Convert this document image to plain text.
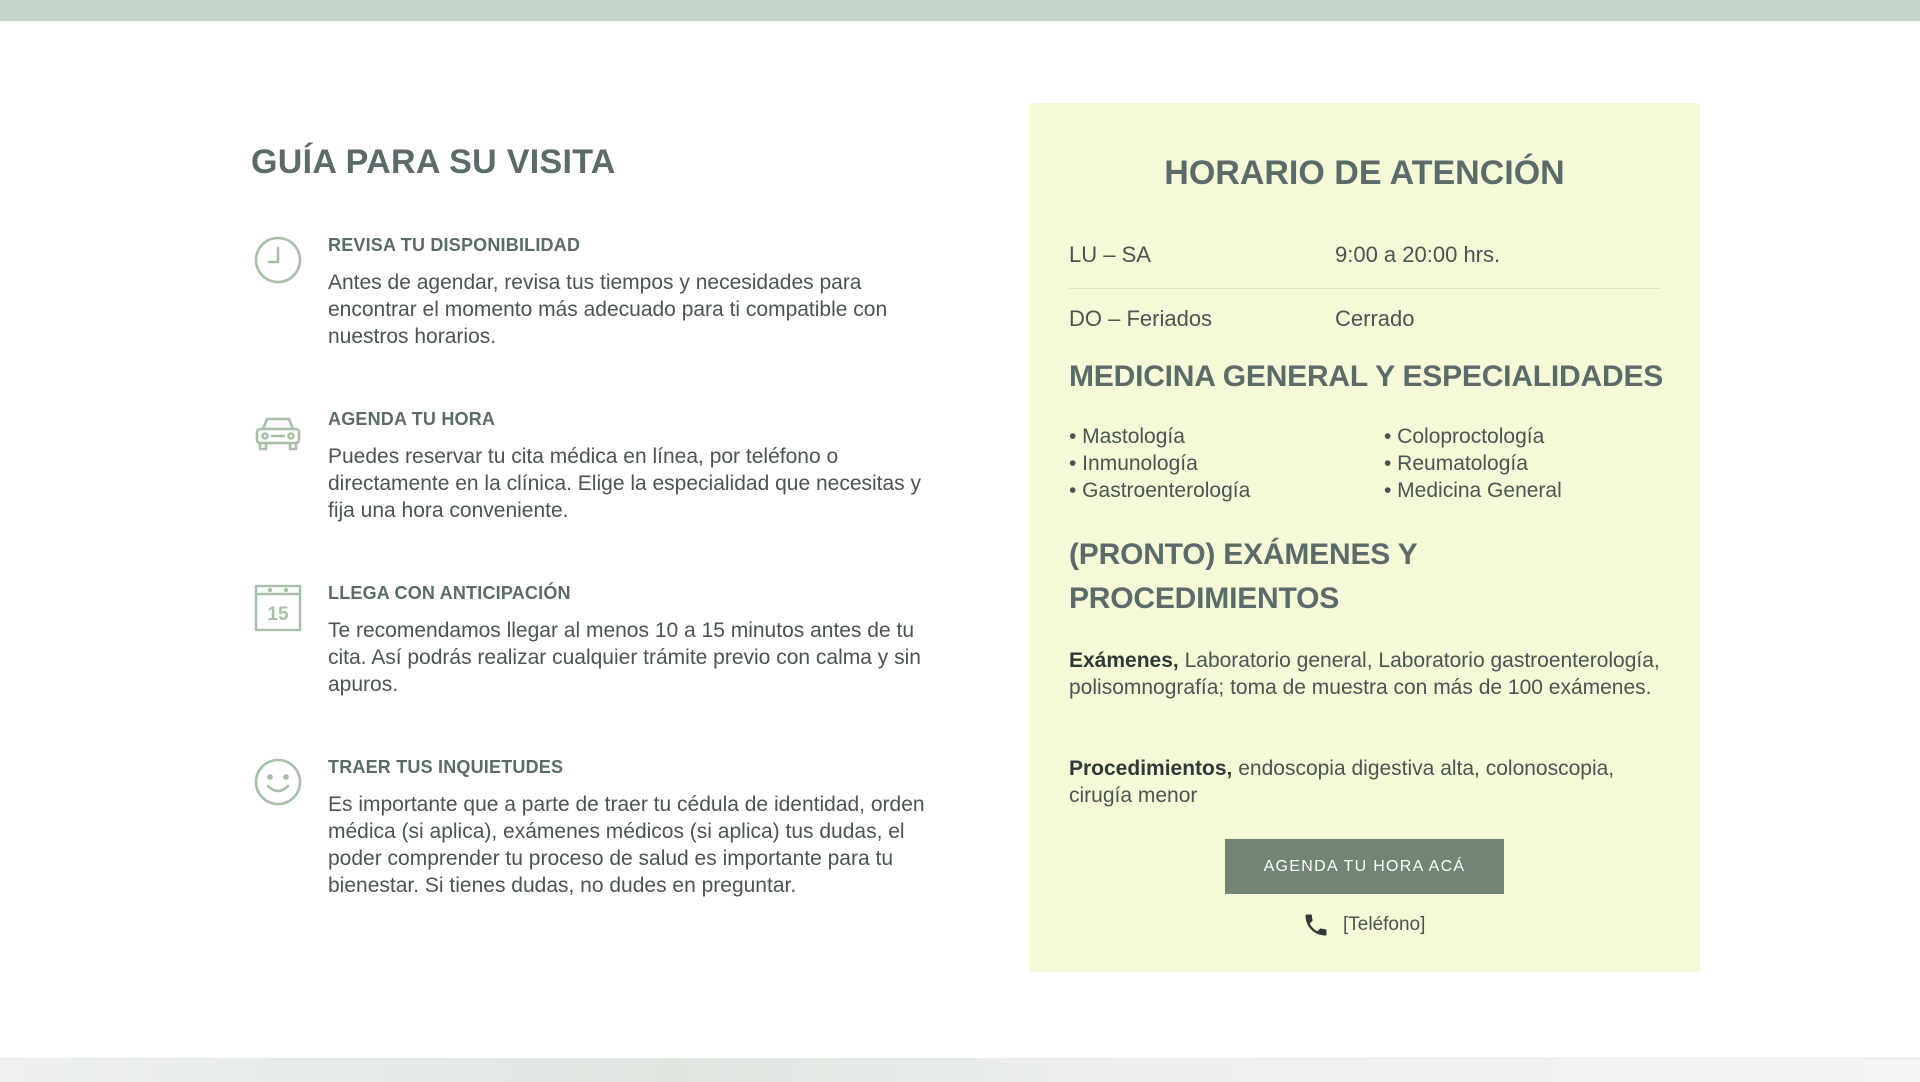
GUÍA PARA SU VISITA
REVISA TU DISPONIBILIDAD

Antes de agendar, revisa tus tiempos y necesidades para encontrar el momento más adecuado para ti compatible con nuestros horarios.

AGENDA TU HORA

Puedes reservar tu cita médica en línea, por teléfono o directamente en la clínica. Elige la especialidad que necesitas y fija una hora conveniente.

15
LLEGA CON ANTICIPACIÓN

Te recomendamos llegar al menos 10 a 15 minutos antes de tu cita. Así podrás realizar cualquier trámite previo con calma y sin apuros.

TRAER TUS INQUIETUDES

Es importante que a parte de traer tu cédula de identidad, orden médica (si aplica), exámenes médicos (si aplica) tus dudas, el poder comprender tu proceso de salud es importante para tu bienestar. Si tienes dudas, no dudes en preguntar.

HORARIO DE ATENCIÓN
LU – SA	9:00 a 20:00 hrs.
DO – Feriados	Cerrado
MEDICINA GENERAL Y ESPECIALIDADES
• Mastología
• Inmunología
• Gastroenterología
• Coloproctología
• Reumatología
• Medicina General
(PRONTO) EXÁMENES Y
PROCEDIMIENTOS

Exámenes, Laboratorio general, Laboratorio gastroenterología, polisomnografía; toma de muestra con más de 100 exámenes.

Procedimientos, endoscopia digestiva alta, colonoscopia, cirugía menor

AGENDA TU HORA ACÁ
[Teléfono]
